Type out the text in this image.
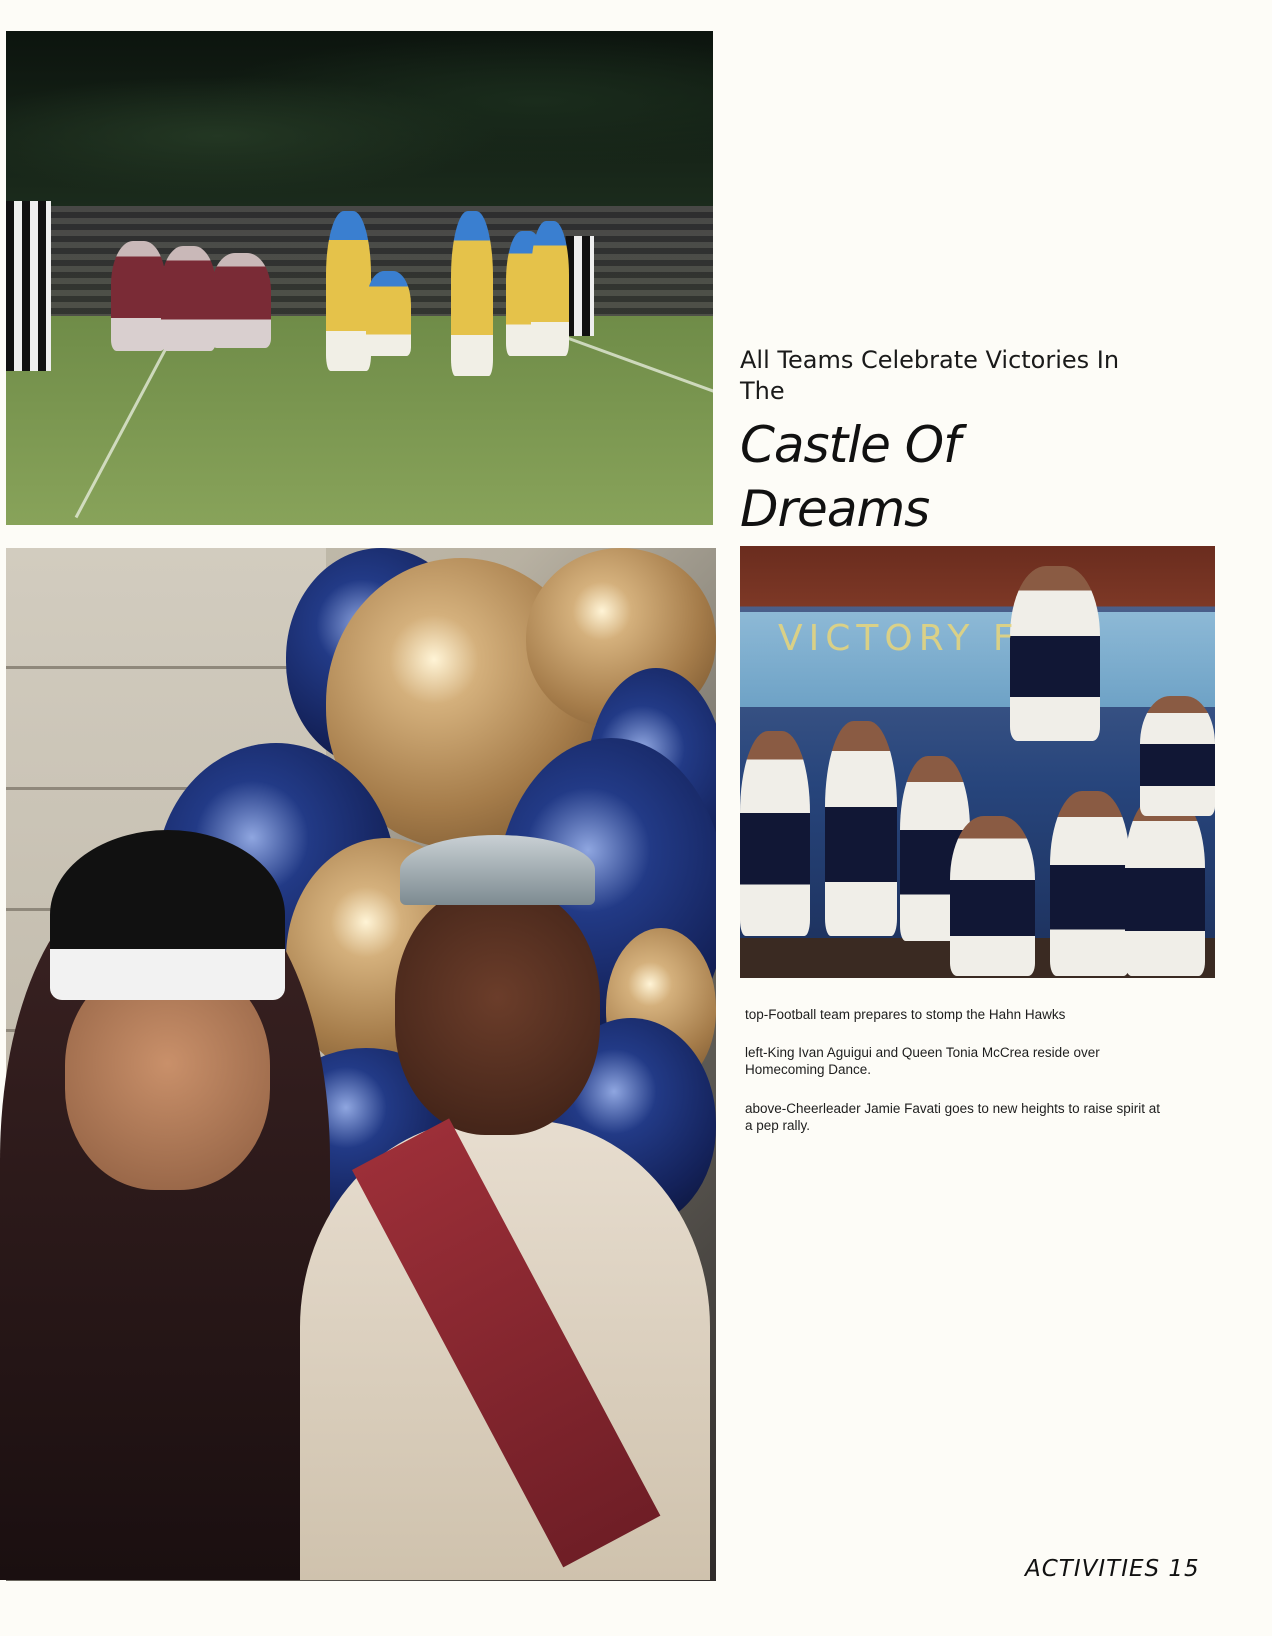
All Teams Celebrate Victories In The
Castle Of
Dreams
VICTORY F

top-Football team prepares to stomp the Hahn Hawks

left-King Ivan Aguigui and Queen Tonia McCrea reside over Homecoming Dance.

above-Cheerleader Jamie Favati goes to new heights to raise spirit at a pep rally.

ACTIVITIES 15
